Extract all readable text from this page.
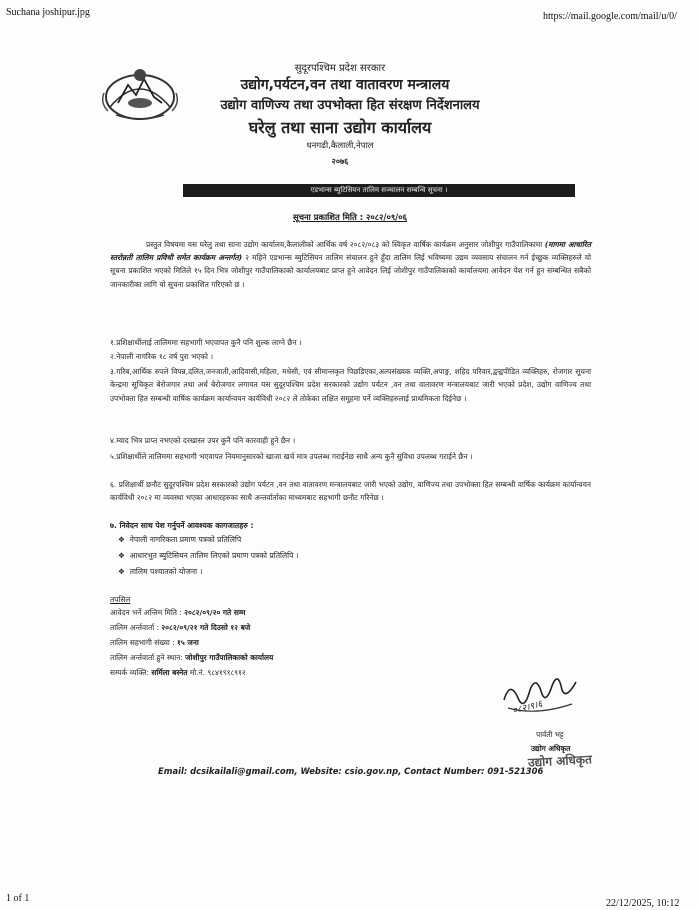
Suchana joshipur.jpg	https://mail.google.com/mail/u/0/
1 of 1	22/12/2025, 10:12
सुदूरपश्चिम प्रदेश सरकार
उद्योग,पर्यटन,वन तथा वातावरण मन्त्रालय
उद्योग वाणिज्य तथा उपभोक्ता हित संरक्षण निर्देशनालय
घरेलु तथा साना उद्योग कार्यालय
धनगढी,कैलाली,नेपाल
२०७६
एडभान्स ब्युटिसियन तालिम सञ्चालन सम्बन्धि सूचना ।
सूचना प्रकाशित मिति : २०८२/०९/०६
प्रस्तुत विषयमा यस घरेलु तथा साना उद्योग कार्यालय,कैलालीको आर्थिक वर्ष २०८२/०८३ को स्विकृत वार्षिक कार्यक्रम अनुसार जोशीपुर गाउँपालिकामा (मागमा आधारित स्तरोन्नती तालिम प्रविधी समेत कार्यक्रम अन्तर्गत) २ महिने एडभान्स ब्युटिसियन तालिम संचालन हुने हुँदा तालिम लिई भविष्यमा उद्यम व्यवसाय संचालन गर्न ईच्छुक व्यक्तिहरुले यो सूचना प्रकाशित भएको मितिले १५ दिन भित्र जोशीपुर गाउँपालिकाको कार्यालयबाट प्राप्त हुने आवेदन लिई जोशीपुर गाउँपालिकाको कार्यालयमा आवेदन पेश गर्न हुन सम्बन्धित सबैको जानकारीका लागि यो सूचना प्रकाशित गरिएको छ ।
१.प्रशिक्षार्थीलाई तालिममा सहभागी भएवापत कुनै पनि शुल्क लाग्ने छैन ।
२.नेपाली नागरिक १८ वर्ष पुरा भएको ।
३.गरिब,आर्थिक रुपले विपन्न,दलित,जनजाती,आदिवासी,महिला, मधेसी, एवं सीमान्तकृत पिछडिएका,अल्पसंख्यक व्यक्ति,अपाङ्ग, शहिद परिवार,द्वन्द्वपीडित व्यक्तिहरु, रोजगार सूचना केन्द्रमा सूचिकृत बेरोजगार तथा अर्ध बेरोजगार लगायत यस सुदूरपश्चिम प्रदेश सरकारको उद्योग पर्यटन ,वन तथा वातावरण मन्त्रालयबाट जारी भएको प्रदेश, उद्योग वाणिज्य तथा उपभोक्ता हित सम्बन्धी वार्षिक कार्यक्रम कार्यान्वयन कार्यविधी २०८२ ले तोकेका लक्षित समुहमा पर्ने व्यक्तिहरुलाई प्राथमिकता दिईनेछ ।
४.म्याद भित्र प्राप्त नभएको दरखास्त उपर कुनै पनि कारवाही हुने छैन ।
५.प्रशिक्षार्थीले तालिममा सहभागी भएवापत नियमानुसारको खाजा खर्च मात्र उपलब्ध गराईनेछ साथै अन्य कुनै सुविधा उपलब्ध गराईने छैन ।
६. प्रशिक्षार्थी छनौट सुदूरपश्चिम प्रदेश सरकारको उद्योग पर्यटन ,वन तथा वातावरण मन्त्रालयबाट जारी भएको उद्योग, वाणिज्य तथा उपभोक्ता हित सम्बन्धी वार्षिक कार्यक्रम कार्यान्वयन कार्यविधी २०८२ मा व्यवस्था भएका आधारहरुका साथै अन्तर्वार्ताका माध्यमबाट सहभागी छनौट गरिनेछ ।
७. निवेदन साथ पेश गर्नुपर्ने आवश्यक कागजातहरु :
❖ नेपाली नागरिकता प्रमाण पत्रको प्रतिलिपि
❖ आधारभुत ब्युटिसियन तालिम लिएको प्रमाण पत्रको प्रतिलिपि ।
❖ तालिम पश्चातको योजना ।
तपसिल
आवेदन भर्ने अन्तिम मिति : २०८२/०९/२० गते सम्म
तालिम अर्न्तवार्ता : २०८२/०९/२१ गते दिउसो १२ बजे
तालिम सहभागी संख्या : १५ जना
तालिम अर्न्तवार्ता हुने स्थान: जोशीपुर गाउँपालिकाको कार्यालय
सम्पर्क व्यक्ति: सर्मिला बस्नेत मो.नं. ९८४१९१८९१२
०८२।९।६
पार्वती भट्ट
उद्योग अधिकृत
उद्योग अधिकृत
Email: dcsikailali@gmail.com, Website: csio.gov.np, Contact Number: 091-521306
